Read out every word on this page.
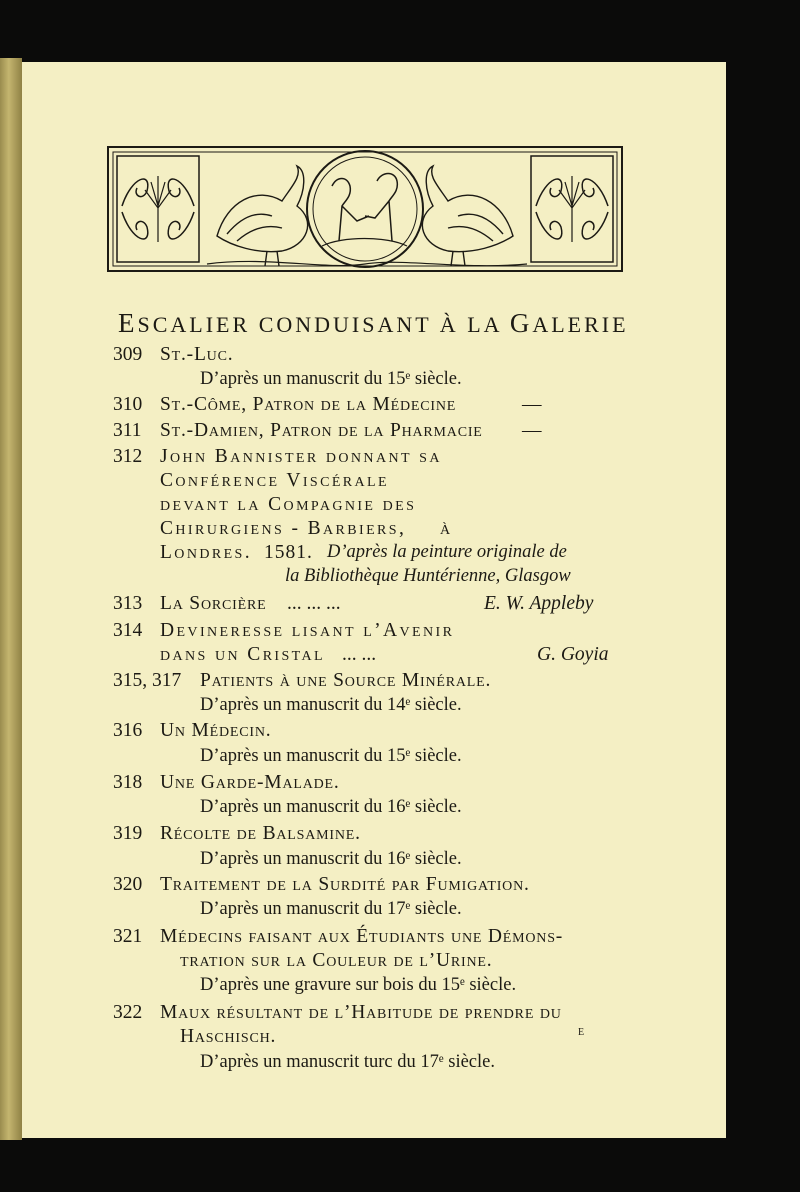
ESCALIER CONDUISANT À LA GALERIE
309 St.-Luc.
D’après un manuscrit du 15ᵉ siècle.
310 St.-Côme, Patron de la Médecine	—
311 St.-Damien, Patron de la Pharmacie —
312 John Bannister donnant sa
Conférence Viscérale
devant la Compagnie des
Chirurgiens - Barbiers, à
Londres. 1581. D’après la peinture originale de
la Bibliothèque Huntérienne, Glasgow
313 La Sorcière ... ... ...	E. W. Appleby
314 Devineresse lisant l’Avenir
dans un Cristal ... ...	G. Goyia
315, 317 Patients à une Source Minérale.
D’après un manuscrit du 14ᵉ siècle.
316 Un Médecin.
D’après un manuscrit du 15ᵉ siècle.
318 Une Garde-Malade.
D’après un manuscrit du 16ᵉ siècle.
319 Récolte de Balsamine.
D’après un manuscrit du 16ᵉ siècle.
320 Traitement de la Surdité par Fumigation.
D’après un manuscrit du 17ᵉ siècle.
321 Médecins faisant aux Étudiants une Démons-
tration sur la Couleur de l’Urine.
D’après une gravure sur bois du 15ᵉ siècle.
322 Maux résultant de l’Habitude de prendre du
Haschisch.
D’après un manuscrit turc du 17ᵉ siècle.
E
